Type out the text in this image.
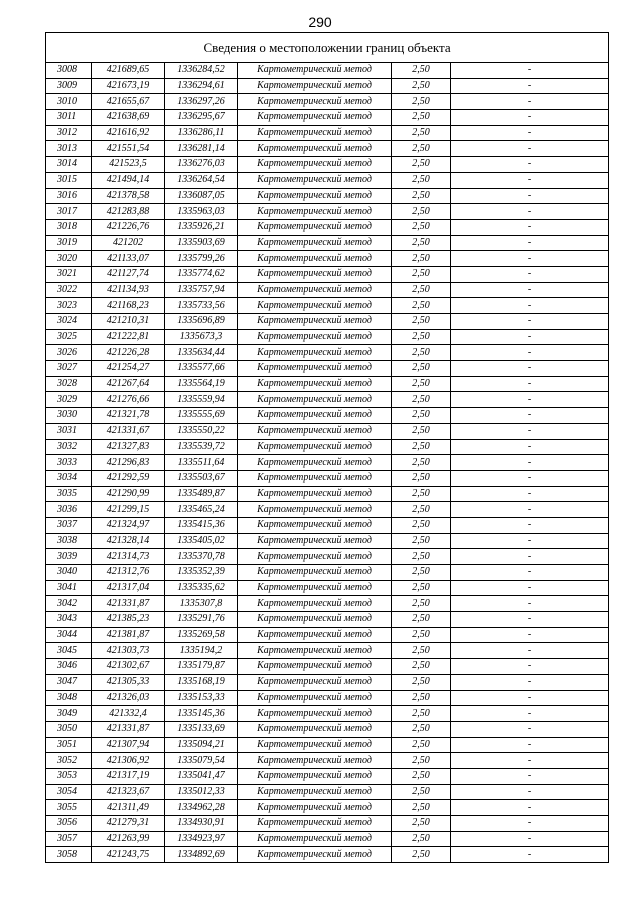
290
Сведения о местоположении границ объекта					
3008	421689,65	1336284,52	Картометрический метод	2,50	-
3009	421673,19	1336294,61	Картометрический метод	2,50	-
3010	421655,67	1336297,26	Картометрический метод	2,50	-
3011	421638,69	1336295,67	Картометрический метод	2,50	-
3012	421616,92	1336286,11	Картометрический метод	2,50	-
3013	421551,54	1336281,14	Картометрический метод	2,50	-
3014	421523,5	1336276,03	Картометрический метод	2,50	-
3015	421494,14	1336264,54	Картометрический метод	2,50	-
3016	421378,58	1336087,05	Картометрический метод	2,50	-
3017	421283,88	1335963,03	Картометрический метод	2,50	-
3018	421226,76	1335926,21	Картометрический метод	2,50	-
3019	421202	1335903,69	Картометрический метод	2,50	-
3020	421133,07	1335799,26	Картометрический метод	2,50	-
3021	421127,74	1335774,62	Картометрический метод	2,50	-
3022	421134,93	1335757,94	Картометрический метод	2,50	-
3023	421168,23	1335733,56	Картометрический метод	2,50	-
3024	421210,31	1335696,89	Картометрический метод	2,50	-
3025	421222,81	1335673,3	Картометрический метод	2,50	-
3026	421226,28	1335634,44	Картометрический метод	2,50	-
3027	421254,27	1335577,66	Картометрический метод	2,50	-
3028	421267,64	1335564,19	Картометрический метод	2,50	-
3029	421276,66	1335559,94	Картометрический метод	2,50	-
3030	421321,78	1335555,69	Картометрический метод	2,50	-
3031	421331,67	1335550,22	Картометрический метод	2,50	-
3032	421327,83	1335539,72	Картометрический метод	2,50	-
3033	421296,83	1335511,64	Картометрический метод	2,50	-
3034	421292,59	1335503,67	Картометрический метод	2,50	-
3035	421290,99	1335489,87	Картометрический метод	2,50	-
3036	421299,15	1335465,24	Картометрический метод	2,50	-
3037	421324,97	1335415,36	Картометрический метод	2,50	-
3038	421328,14	1335405,02	Картометрический метод	2,50	-
3039	421314,73	1335370,78	Картометрический метод	2,50	-
3040	421312,76	1335352,39	Картометрический метод	2,50	-
3041	421317,04	1335335,62	Картометрический метод	2,50	-
3042	421331,87	1335307,8	Картометрический метод	2,50	-
3043	421385,23	1335291,76	Картометрический метод	2,50	-
3044	421381,87	1335269,58	Картометрический метод	2,50	-
3045	421303,73	1335194,2	Картометрический метод	2,50	-
3046	421302,67	1335179,87	Картометрический метод	2,50	-
3047	421305,33	1335168,19	Картометрический метод	2,50	-
3048	421326,03	1335153,33	Картометрический метод	2,50	-
3049	421332,4	1335145,36	Картометрический метод	2,50	-
3050	421331,87	1335133,69	Картометрический метод	2,50	-
3051	421307,94	1335094,21	Картометрический метод	2,50	-
3052	421306,92	1335079,54	Картометрический метод	2,50	-
3053	421317,19	1335041,47	Картометрический метод	2,50	-
3054	421323,67	1335012,33	Картометрический метод	2,50	-
3055	421311,49	1334962,28	Картометрический метод	2,50	-
3056	421279,31	1334930,91	Картометрический метод	2,50	-
3057	421263,99	1334923,97	Картометрический метод	2,50	-
3058	421243,75	1334892,69	Картометрический метод	2,50	-
